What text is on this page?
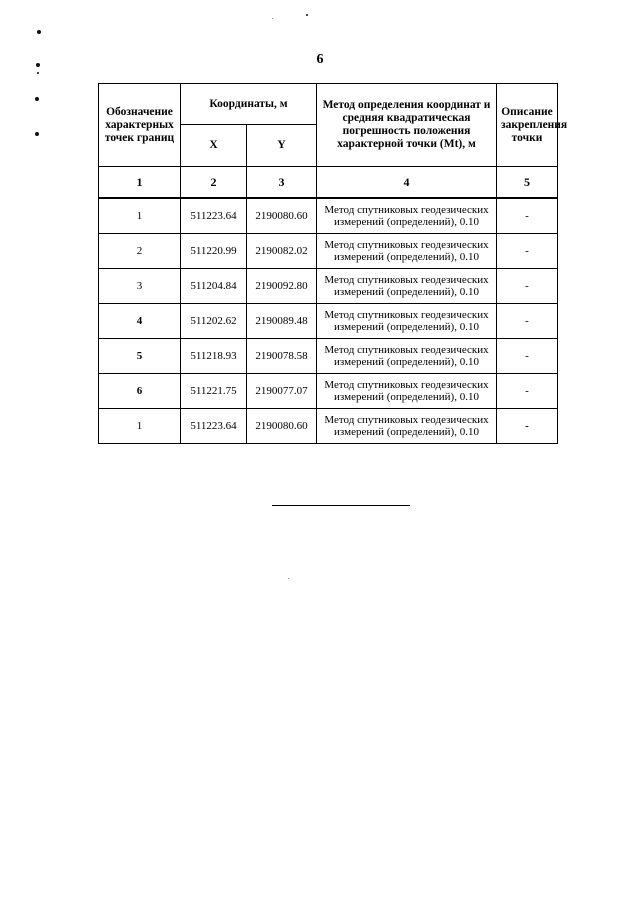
6
Обозначение характерных точек границ	Координаты, м		Метод определения координат и средняя квадратическая погрешность положения характерной точки (Mt), м	Описание закрепления точки
	X	Y		
1	2	3	4	5
1	511223.64	2190080.60	Метод спутниковых геодезических измерений (определений), 0.10	-
2	511220.99	2190082.02	Метод спутниковых геодезических измерений (определений), 0.10	-
3	511204.84	2190092.80	Метод спутниковых геодезических измерений (определений), 0.10	-
4	511202.62	2190089.48	Метод спутниковых геодезических измерений (определений), 0.10	-
5	511218.93	2190078.58	Метод спутниковых геодезических измерений (определений), 0.10	-
6	511221.75	2190077.07	Метод спутниковых геодезических измерений (определений), 0.10	-
1	511223.64	2190080.60	Метод спутниковых геодезических измерений (определений), 0.10	-
